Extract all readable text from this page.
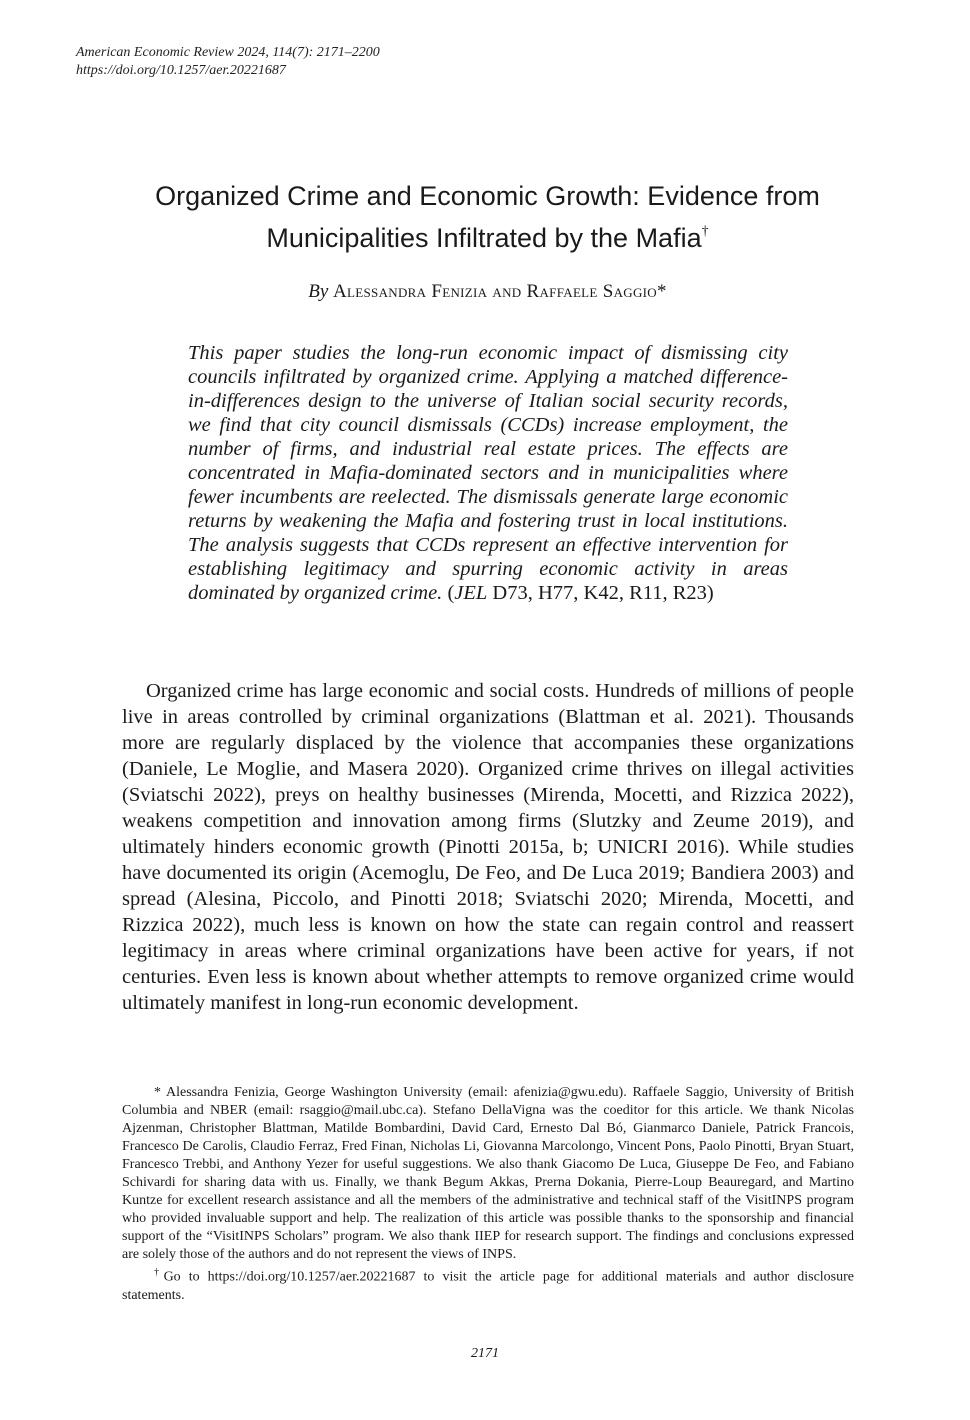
American Economic Review 2024, 114(7): 2171–2200
https://doi.org/10.1257/aer.20221687
Organized Crime and Economic Growth: Evidence from Municipalities Infiltrated by the Mafia†
By Alessandra Fenizia and Raffaele Saggio*
This paper studies the long-run economic impact of dismissing city councils infiltrated by organized crime. Applying a matched difference-in-differences design to the universe of Italian social security records, we find that city council dismissals (CCDs) increase employment, the number of firms, and industrial real estate prices. The effects are concentrated in Mafia-dominated sectors and in municipalities where fewer incumbents are reelected. The dismissals generate large economic returns by weakening the Mafia and fostering trust in local institutions. The analysis suggests that CCDs represent an effective intervention for establishing legitimacy and spurring economic activity in areas dominated by organized crime. (JEL D73, H77, K42, R11, R23)

Organized crime has large economic and social costs. Hundreds of millions of people live in areas controlled by criminal organizations (Blattman et al. 2021). Thousands more are regularly displaced by the violence that accompanies these organizations (Daniele, Le Moglie, and Masera 2020). Organized crime thrives on illegal activities (Sviatschi 2022), preys on healthy businesses (Mirenda, Mocetti, and Rizzica 2022), weakens competition and innovation among firms (Slutzky and Zeume 2019), and ultimately hinders economic growth (Pinotti 2015a, b; UNICRI 2016). While studies have documented its origin (Acemoglu, De Feo, and De Luca 2019; Bandiera 2003) and spread (Alesina, Piccolo, and Pinotti 2018; Sviatschi 2020; Mirenda, Mocetti, and Rizzica 2022), much less is known on how the state can regain control and reassert legitimacy in areas where criminal organizations have been active for years, if not centuries. Even less is known about whether attempts to remove organized crime would ultimately manifest in long-run economic development.

* Alessandra Fenizia, George Washington University (email: afenizia@gwu.edu). Raffaele Saggio, University of British Columbia and NBER (email: rsaggio@mail.ubc.ca). Stefano DellaVigna was the coeditor for this article. We thank Nicolas Ajzenman, Christopher Blattman, Matilde Bombardini, David Card, Ernesto Dal Bó, Gianmarco Daniele, Patrick Francois, Francesco De Carolis, Claudio Ferraz, Fred Finan, Nicholas Li, Giovanna Marcolongo, Vincent Pons, Paolo Pinotti, Bryan Stuart, Francesco Trebbi, and Anthony Yezer for useful suggestions. We also thank Giacomo De Luca, Giuseppe De Feo, and Fabiano Schivardi for sharing data with us. Finally, we thank Begum Akkas, Prerna Dokania, Pierre-Loup Beauregard, and Martino Kuntze for excellent research assistance and all the members of the administrative and technical staff of the VisitINPS program who provided invaluable support and help. The realization of this article was possible thanks to the sponsorship and financial support of the “VisitINPS Scholars” program. We also thank IIEP for research support. The findings and conclusions expressed are solely those of the authors and do not represent the views of INPS.

†Go to https://doi.org/10.1257/aer.20221687 to visit the article page for additional materials and author disclosure statements.

2171
